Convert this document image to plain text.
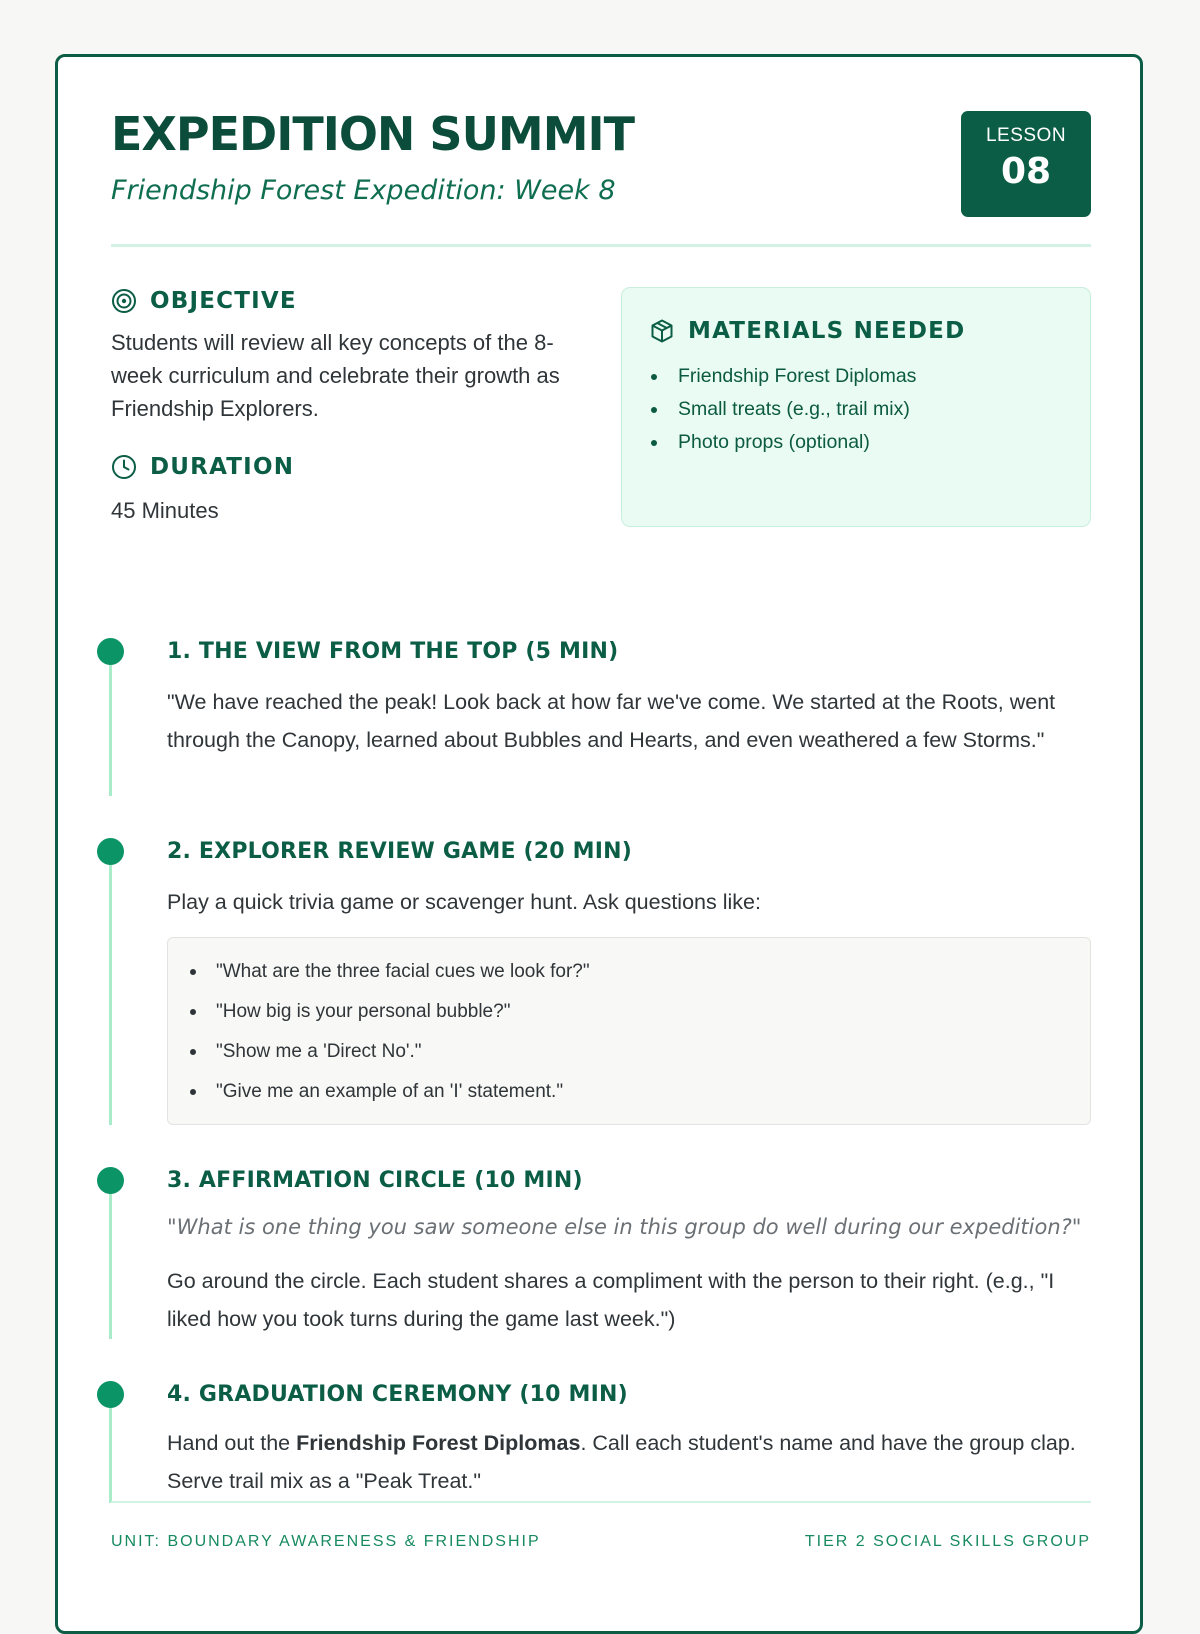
EXPEDITION SUMMIT
Friendship Forest Expedition: Week 8
LESSON
08
OBJECTIVE
Students will review all key concepts of the 8-week curriculum and celebrate their growth as Friendship Explorers.
DURATION
45 Minutes
MATERIALS NEEDED
Friendship Forest Diplomas
Small treats (e.g., trail mix)
Photo props (optional)
1. THE VIEW FROM THE TOP (5 MIN)
"We have reached the peak! Look back at how far we've come. We started at the Roots, went through the Canopy, learned about Bubbles and Hearts, and even weathered a few Storms."
2. EXPLORER REVIEW GAME (20 MIN)
Play a quick trivia game or scavenger hunt. Ask questions like:
"What are the three facial cues we look for?"
"How big is your personal bubble?"
"Show me a 'Direct No'."
"Give me an example of an 'I' statement."
3. AFFIRMATION CIRCLE (10 MIN)
"What is one thing you saw someone else in this group do well during our expedition?"
Go around the circle. Each student shares a compliment with the person to their right. (e.g., "I liked how you took turns during the game last week.")
4. GRADUATION CEREMONY (10 MIN)
Hand out the Friendship Forest Diplomas. Call each student's name and have the group clap. Serve trail mix as a "Peak Treat."
UNIT: BOUNDARY AWARENESS & FRIENDSHIP	TIER 2 SOCIAL SKILLS GROUP
